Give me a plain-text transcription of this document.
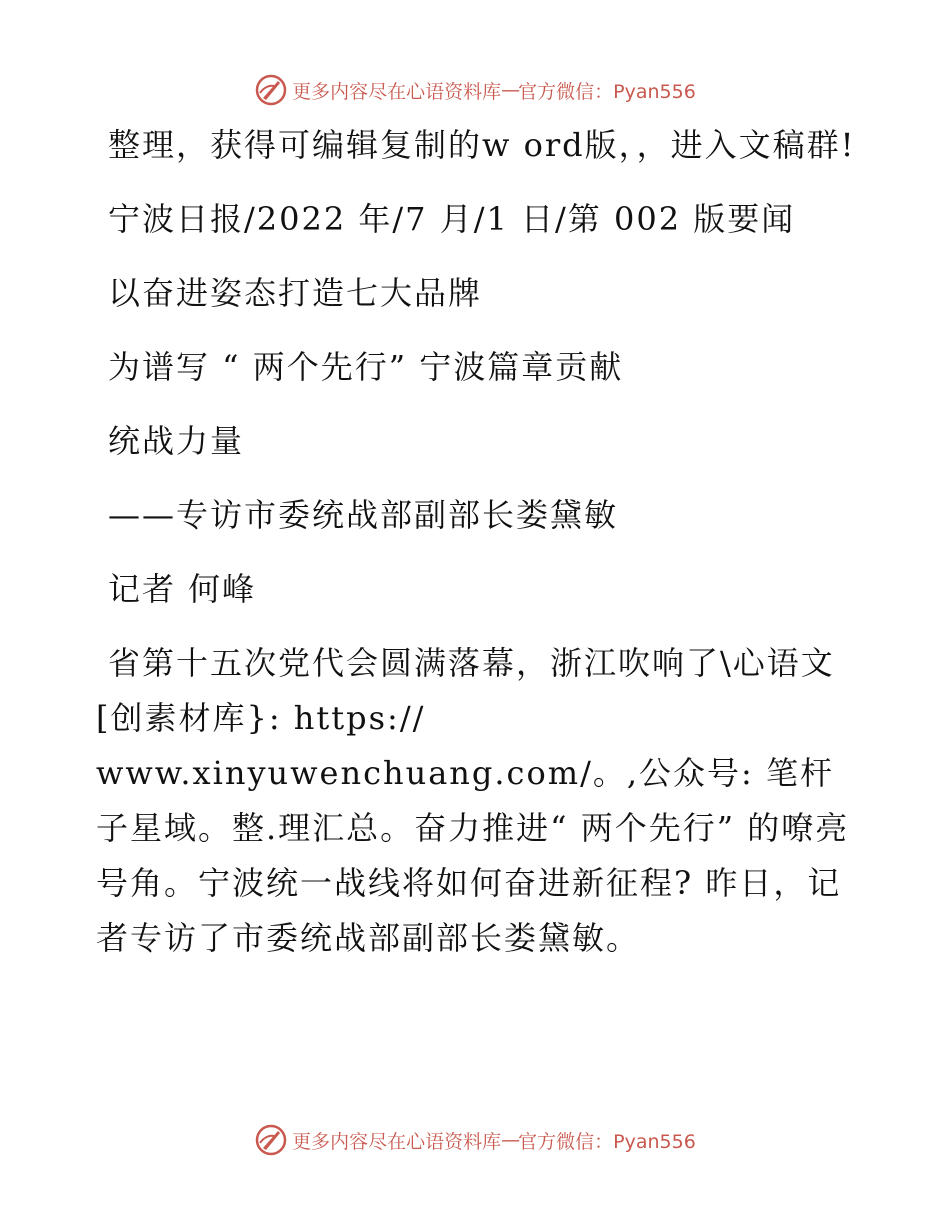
更多内容尽在心语资料库 — 官方微信：Pyan556

整理，获得可编辑复制的w ord版，，进入文稿群!

宁波日报/2022 年/7 月/1 日/第 002 版要闻

以奋进姿态打造七大品牌

为谱写 “ 两个先行” 宁波篇章贡献

统战力量

——专访市委统战部副部长娄黛敏

记者 何峰

省第十五次党代会圆满落幕，浙江吹响了\心语文[创素材库}: https://

www.xinyuwenchuang.com/。,公众号: 笔杆子星域。整.理汇总。奋力推进“ 两个先行” 的嘹亮号角。宁波统一战线将如何奋进新征程? 昨日，记者专访了市委统战部副部长娄黛敏。

更多内容尽在心语资料库 — 官方微信：Pyan556
